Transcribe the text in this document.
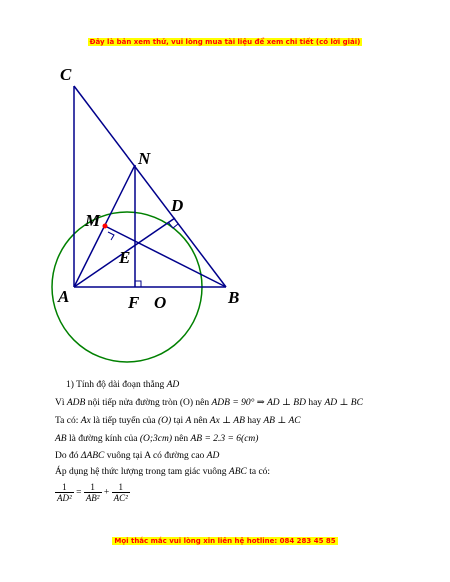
Đây là bản xem thử, vui lòng mua tài liệu để xem chi tiết (có lời giải)
C
N
D
M
E
A	F O	B
1) Tính độ dài đoạn thẳng AD
Vì ADB nội tiếp nửa đường tròn (O) nên ADB = 90° ⇒ AD ⊥ BD hay AD ⊥ BC
Ta có: Ax là tiếp tuyến của (O) tại A nên Ax ⊥ AB hay AB ⊥ AC
AB là đường kính của (O;3cm) nên AB = 2.3 = 6(cm)
Do đó ΔABC vuông tại A có đường cao AD
Áp dụng hệ thức lượng trong tam giác vuông ABC ta có:
$\frac{1}{\text{AD²}} = \frac{1}{\text{AB²}} + \frac{1}{\text{AC²}}$
Mọi thắc mắc vui lòng xin liên hệ hotline: 084 283 45 85
